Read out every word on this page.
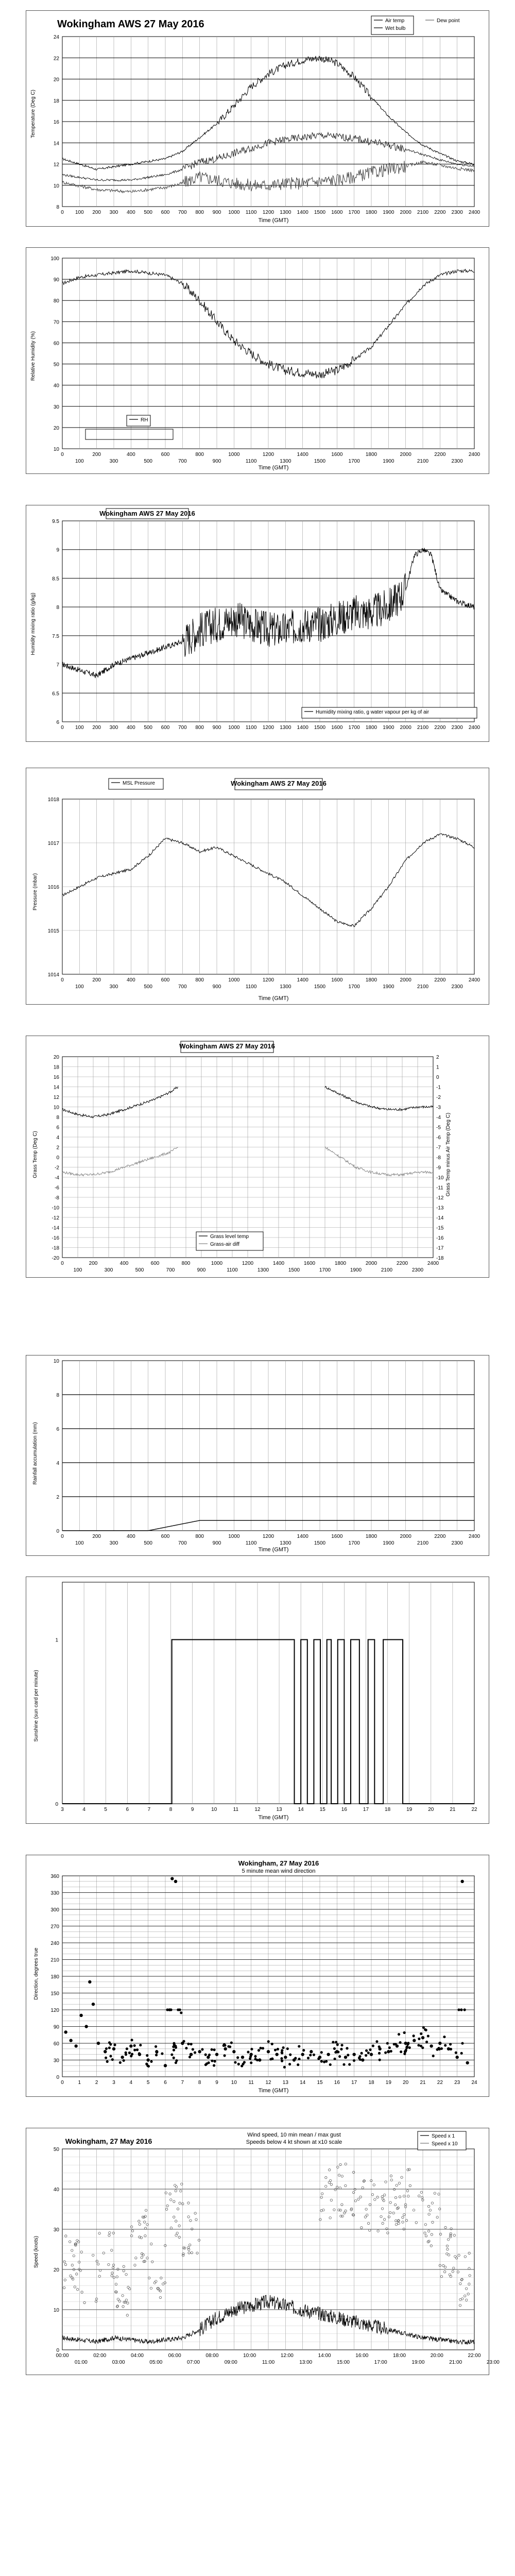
Wokingham AWS 27 May 2016
Time (GMT)
Temperature (Deg C)
8
10
12
14
16
18
20
22
24
0 100 200 300 400 500 600 700 800 900 1000 1100 1200 1300 1400 1500 1600 1700 1800 1900 2000 2100 2200 2300 2400
Air temp
Wet bulb
Dew point
Time (GMT)
Relative Humidity (%)
10
20
30
40
50
60
70
80
90
100
0	200	400	600	800	1000	1200	1400	1600	1800	2000	2200	2400
100	300	500	700	900	1100	1300	1500	1700	1900	2100	2300
RH
Wokingham AWS 27 May 2016
Humidity mixing ratio (g/kg)
6
6.5
7
7.5
8
8.5
9
9.5
0 100 200 300 400 500 600 700 800 900 1000 1100 1200 1300 1400 1500 1600 1700 1800 1900 2000 2100 2200 2300 2400
Humidity mixing ratio, g water vapour per kg of air
Wokingham AWS 27 May 2016
Time (GMT)
Pressure (mbar)
1014
1015
1016
1017
1018
0	200	400	600	800	1000	1200	1400	1600	1800	2000	2200	2400
100	300	500	700	900	1100	1300	1500	1700	1900	2100	2300
MSL Pressure
Wokingham AWS 27 May 2016
Grass Temp (Deg C)	Grass Temp minus Air Temp (Deg C)
20
18
16
14
12
10
8
6
4
2
0
-2
-4
-6
-8
-10
-12
-14
-16
-18
-20
2
1
0
-1
-2
-3
-4
-5
-6
-7
-8
-9
-10
-11
-12
-13
-14
-15
-16
-17
-18
0	200	400	600	800	1000	1200	1400	1600	1800	2000	2200	2400
100	300	500	700	900	1100	1300	1500	1700	1900	2100	2300
Grass level temp
Grass-air diff
Time (GMT)
Rainfall accumulation (mm)
0
2
4
6
8
10
0	200	400	600	800	1000	1200	1400	1600	1800	2000	2200	2400
100	300	500	700	900	1100	1300	1500	1700	1900	2100	2300
Time (GMT)
Sunshine (sun card per minute)
3	4	5	6	7	8	9	10	11	12	13	14	15	16	17	18	19	20	21	22
0
1
Wokingham, 27 May 2016
5 minute mean wind direction
Time (GMT)
Direction, degrees true
0
30
60
90
120
150
180
210
240
270
300
330
360
0	1	2	3	4	5	6	7	8	9 10 11 12 13 14 15 16 17 18 19 20 21 22 23 24
Wokingham, 27 May 2016
Wind speed, 10 min mean / max gust
Speeds below 4 kt shown at x10 scale
Speed (knots)
0
10
20
30
40
50
00:00	02:00	04:00	06:00	08:00	10:00	12:00	14:00	16:00	18:00	20:00	22:00
01:00	03:00	05:00	07:00	09:00	11:00	13:00	15:00	17:00	19:00	21:00	23:00
Speed x 1
Speed x 10
